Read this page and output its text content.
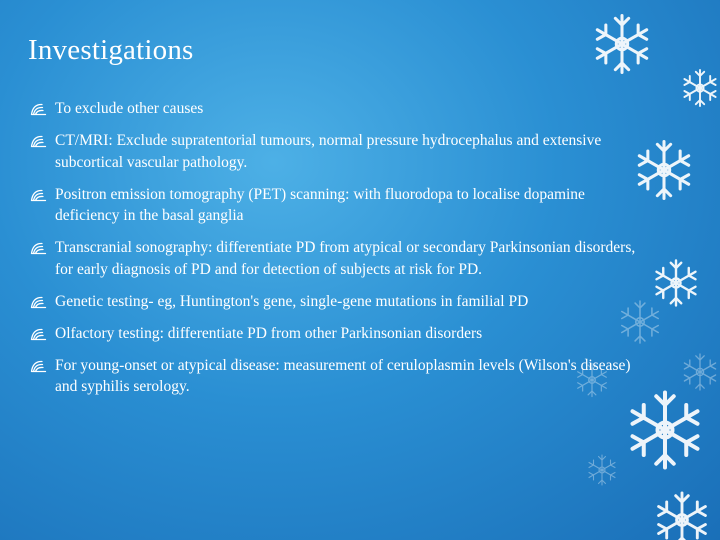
Investigations
To exclude other causes
CT/MRI: Exclude supratentorial tumours, normal pressure hydrocephalus and extensive subcortical vascular pathology.
Positron emission tomography (PET) scanning: with fluorodopa to localise dopamine deficiency in the basal ganglia
Transcranial sonography: differentiate PD from atypical or secondary Parkinsonian disorders, for early diagnosis of PD and for detection of subjects at risk for PD.
Genetic testing- eg, Huntington's gene, single-gene mutations in familial PD
Olfactory testing: differentiate PD from other Parkinsonian disorders
For young-onset or atypical disease: measurement of ceruloplasmin levels (Wilson's disease) and syphilis serology.
